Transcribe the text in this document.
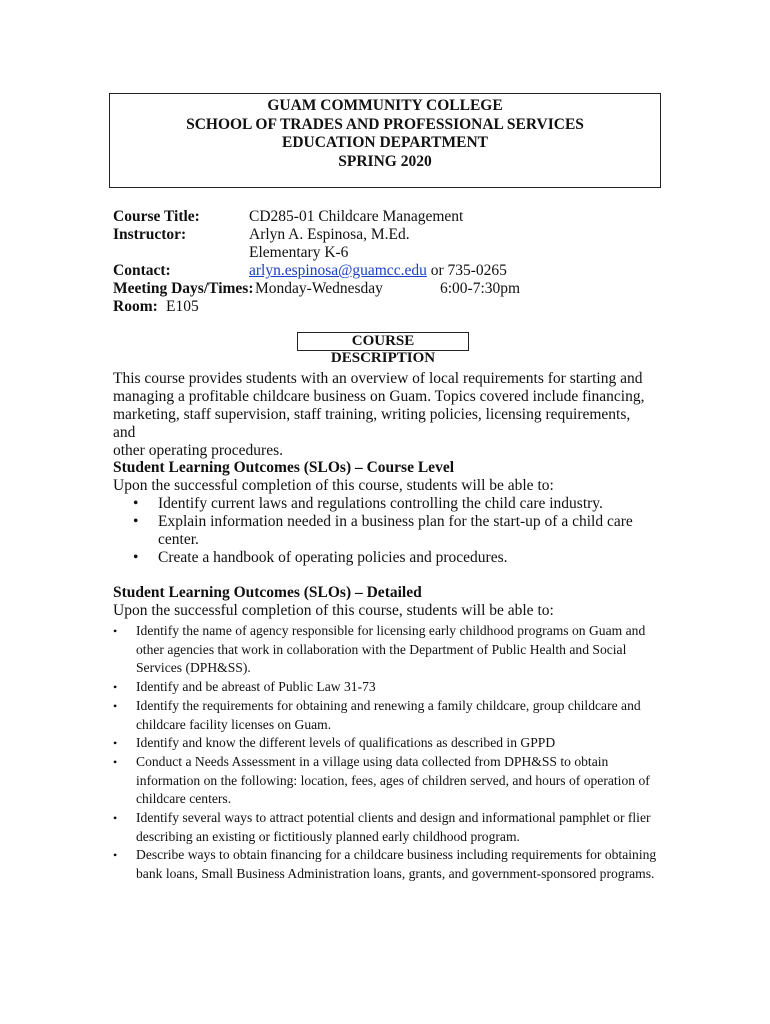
GUAM COMMUNITY COLLEGE
SCHOOL OF TRADES AND PROFESSIONAL SERVICES
EDUCATION DEPARTMENT
SPRING 2020
Course Title:	CD285-01 Childcare Management
Instructor:	Arlyn A. Espinosa, M.Ed.
Elementary K-6
Contact:	arlyn.espinosa@guamcc.edu or 735-0265
Meeting Days/Times: Monday-Wednesday	6:00-7:30pm
Room: E105
COURSE DESCRIPTION
This course provides students with an overview of local requirements for starting and
managing a profitable childcare business on Guam. Topics covered include financing,
marketing, staff supervision, staff training, writing policies, licensing requirements, and
other operating procedures.
Student Learning Outcomes (SLOs) – Course Level
Upon the successful completion of this course, students will be able to:
• Identify current laws and regulations controlling the child care industry.
• Explain information needed in a business plan for the start-up of a child care center.
• Create a handbook of operating policies and procedures.
Student Learning Outcomes (SLOs) – Detailed
Upon the successful completion of this course, students will be able to:
• Identify the name of agency responsible for licensing early childhood programs on Guam and other agencies that work in collaboration with the Department of Public Health and Social Services (DPH&SS).
• Identify and be abreast of Public Law 31-73
• Identify the requirements for obtaining and renewing a family childcare, group childcare and childcare facility licenses on Guam.
• Identify and know the different levels of qualifications as described in GPPD
• Conduct a Needs Assessment in a village using data collected from DPH&SS to obtain information on the following: location, fees, ages of children served, and hours of operation of childcare centers.
• Identify several ways to attract potential clients and design and informational pamphlet or flier describing an existing or fictitiously planned early childhood program.
• Describe ways to obtain financing for a childcare business including requirements for obtaining bank loans, Small Business Administration loans, grants, and government-sponsored programs.
